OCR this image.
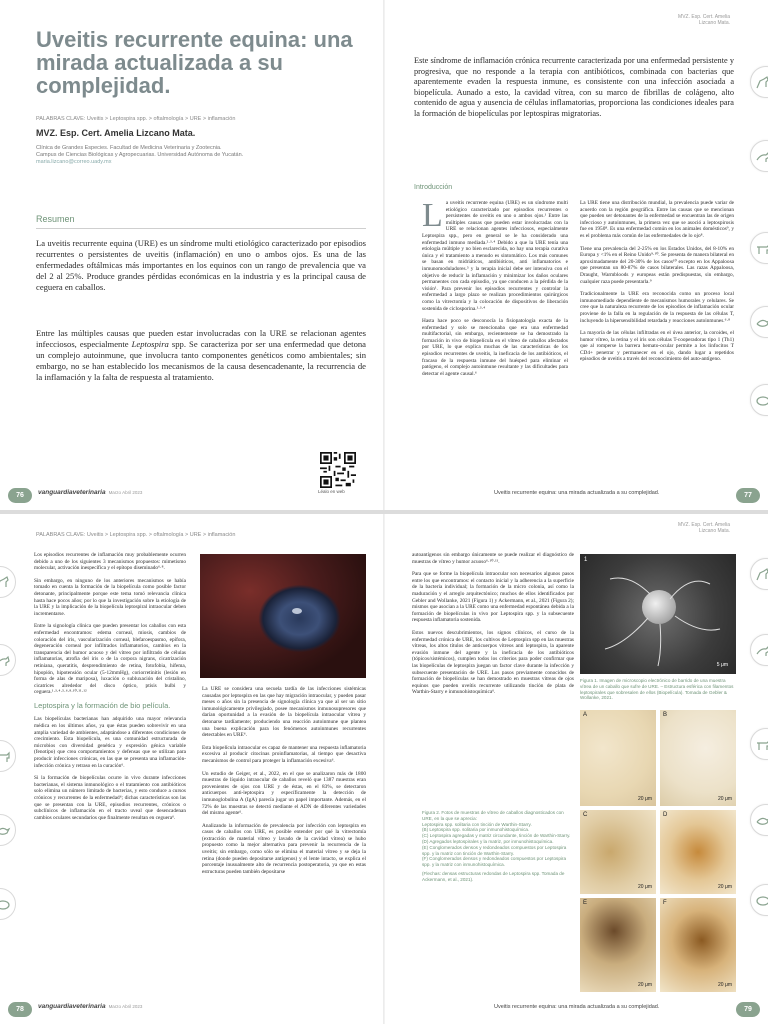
MVZ. Esp. Cert. Amelia
Lizcano Mata.
Uveitis recurrente equina: una mirada actualizada a su complejidad.
PALABRAS CLAVE: Uveitis > Leptospira spp. > oftalmología > URE > inflamación
MVZ. Esp. Cert. Amelia Lizcano Mata.
Clínica de Grandes Especies. Facultad de Medicina Veterinaria y Zootecnia.
Campus de Ciencias Biológicas y Agropecuarias. Universidad Autónoma de Yucatán.
maria.lizcano@correo.uady.mx
Resumen

La uveitis recurrente equina (URE) es un síndrome multi etiológico caracterizado por episodios recurrentes o persistentes de uveitis (inflamación) en uno o ambos ojos. Es una de las enfermedades oftálmicas más importantes en los equinos con un rango de prevalencia que va del 2 al 25%. Produce grandes pérdidas económicas en la industria y es la principal causa de ceguera en caballos.

Entre las múltiples causas que pueden estar involucradas con la URE se relacionan agentes infecciosos, especialmente Leptospira spp. Se caracteriza por ser una enfermedad que detona un complejo autoinmune, que involucra tanto componentes genéticos como ambientales; sin embargo, no se han establecido los mecanismos de la causa desencadenante, la recurrencia de la inflamación y la falta de respuesta al tratamiento.

Léalo en web

Este síndrome de inflamación crónica recurrente caracterizada por una enfermedad persistente y progresiva, que no responde a la terapia con antibióticos, combinada con bacterias que aparentemente evaden la respuesta inmune, es consistente con una infección asociada a biopelícula. Aunado a esto, la cavidad vítrea, con su marco de fibrillas de colágeno, alto contenido de agua y ausencia de células inflamatorias, proporciona las condiciones ideales para la formación de biopelículas por leptospiras migratorias.

Introducción

La uveitis recurrente equina (URE) es un síndrome multi etiológico caracterizado por episodios recurrentes o persistentes de uveitis en uno o ambos ojos.¹ Entre las múltiples causas que pueden estar involucradas con la URE se relacionan agentes infecciosos, especialmente Leptospira spp., pero en general se le ha considerado una enfermedad inmuno mediada.²·³·⁴ Debido a que la URE tenía una etiología múltiple y no bien esclarecida, no hay una terapia curativa única y el tratamiento a menudo es sintomático. Los más comunes se basan en midriáticos, antibióticos, anti inflamatorios e inmunomoduladores.⁵ y la terapia inicial debe ser intensiva con el objetivo de reducir la inflamación y minimizar los daños oculares permanentes con cada episodio, ya que conducen a la pérdida de la visión¹. Para prevenir los episodios recurrentes y controlar la enfermedad a largo plazo se realizan procedimientos quirúrgicos como la vitrectomía y la colocación de dispositivos de liberación sostenida de ciclosporina.¹·³·⁴

Hasta hace poco se desconocía la fisiopatología exacta de la enfermedad y solo se mencionaba que era una enfermedad multifactorial, sin embargo, recientemente se ha demostrado la formación in vivo de biopelícula en el vítreo de caballos afectados por URE, lo que explica muchas de las características de los episodios recurrentes de uveitis, la ineficacia de los antibióticos, el fracaso de la respuesta inmune del huésped para eliminar el patógeno, el complejo autoinmune resultante y las dificultades para detectar el agente causal.⁶

La URE tiene una distribución mundial, la prevalencia puede variar de acuerdo con la región geográfica. Entre las causas que se mencionan que pueden ser detonantes de la enfermedad se encuentran las de origen infeccioso y autoinmunes, la primera vez que se asoció a leptospirosis fue en 1950⁸. Es una enfermedad común en los animales domésticos⁹, y es el problema más común de las enfermedades de lo ojo⁸.

Tiene una prevalencia del 2-25% en los Estados Unidos, del 8-10% en Europa y <1% en el Reino Unido⁹·¹⁰. Se presenta de manera bilateral en aproximadamente del 20-30% de los casos¹⁰ excepto en los Appaloosa que presentan un 80-87% de casos bilaterales. Las razas Appaloosa, Draught, Warmbloods y europeas están predispuestas, sin embargo, cualquier raza puede presentarla.⁹

Tradicionalmente la URE era reconocida como un proceso local inmunomediado dependiente de mecanismos humorales y celulares. Se cree que la naturaleza recurrente de los episodios de inflamación ocular proviene de la falla en la regulación de la respuesta de las células T, incluyendo la hipersensibilidad retardada y reacciones autoinmunes.⁶·⁸

La mayoría de las células infiltradas en el úvea anterior, la coroides, el humor vítreo, la retina y el iris son células T-cooperadoras tipo 1 (Th1) que al romperse la barrera hemato-ocular permite a los linfocitos T CD4+ penetrar y permanecer en el ojo, dando lugar a repetidos episodios de uveitis a través del reconocimiento del auto-antígeno.

76	vanguardiaveterinaria Marzo Abril 2023	Uveitis recurrente equina: una mirada actualizada a su complejidad.	77
PALABRAS CLAVE: Uveitis > Leptospira spp. > oftalmología > URE > inflamación
MVZ. Esp. Cert. Amelia
Lizcano Mata.

Los episodios recurrentes de inflamación muy probablemente ocurren debido a uno de los siguientes 3 mecanismos propuestos: mimetismo molecular, activación inespecífica y el epítopo diseminado⁶·⁸.

Sin embargo, en ninguno de los anteriores mecanismos se había tomado en cuenta la formación de la biopelícula como posible factor detonante, principalmente porque este tema tomó relevancia clínica hasta hace pocos años; por lo que la investigación sobre la etiología de la URE y la implicación de la biopelícula leptospiral intraocular deben incrementarse.

Entre la signología clínica que pueden presentar los caballos con esta enfermedad encontramos: edema corneal, miosis, cambios de coloración del iris, vascularización corneal, blefaroespasmo, epífora, degeneración corneal por infiltrados inflamatorios, cambios en la transparencia del humor acuoso y del vítreo por infiltrado de células inflamatorias, atrofia del iris o de la corpora nigrans, cicatrización retiniana, queratitis, desprendimiento de retina, fotofobia, hifema, hipopión, hipotensión ocular (5-12mmHg), coriorretinitis (lesión en forma de alas de mariposa), luxación o subluxación del cristalino, cicatrices alrededor del disco óptico, ptisis bulbi y ceguera.¹·³·⁴·⁵·⁶·⁸·¹⁰·¹¹·¹²

Leptospira y la formación de bio película.

Las biopelículas bacterianas han adquirido una mayor relevancia médica en los últimos años, ya que éstas pueden sobrevivir en una amplia variedad de ambientes, adaptándose a diferentes condiciones de crecimiento. Esta biopelícula, es una comunidad estructurada de microbios con diversidad genética y expresión génica variable (fenotipo) que crea comportamientos y defensas que se utilizan para producir infecciones crónicas, en las que se presenta una inflamación-infección crónica y retraso en la curación⁶.

Si la formación de biopelículas ocurre in vivo durante infecciones bacterianas, el sistema inmunológico o el tratamiento con antibióticos solo elimina un número limitado de bacterias, y esto conduce a cursos crónicos y recurrentes de la enfermedad⁶; dichas características son las que se presentan con la URE, episodios recurrentes, crónicos o subclínicos de inflamación en el tracto uveal que desencadenan cambios oculares secundarios que finalmente resultan en ceguera⁶.

La URE se considera una secuela tardía de las infecciones sistémicas causadas por leptospira en las que hay migración intraocular, y pueden pasar meses o años sin la presencia de signología clínica ya que al ser un sitio inmunológicamente privilegiado, posee mecanismos inmunosupresores que darían oportunidad a la evasión de la biopelícula intraocular vítrea y detonarse tardíamente; produciendo una reacción autoinmune que plantea una buena explicación para los fenómenos autoinmunes recurrentes detectables en URE⁶.

Esta biopelícula intraocular es capaz de mantener una respuesta inflamatoria excesiva al producir citocinas proinflamatorias, al tiempo que desactiva mecanismos de control para proteger la inflamación excesiva⁶.

Un estudio de Geiger, et al., 2022, en el que se analizaron más de 1800 muestras de líquido intraocular de caballos reveló que 1387 muestras eran provenientes de ojos con URE y de éstas, en el 83%, se detectaron anticuerpos anti-leptospira y específicamente la detección de inmunoglobulina A (IgA) parecía jugar un papel importante. Además, en el 72% de las muestras se detectó mediante el ADN de diferentes variedades del mismo agente⁶.

Analizando la información de prevalencia por infección con leptospira en casos de caballos con URE, es posible entender por qué la vitrectomía (extracción de material vítreo y lavado de la cavidad vítrea) se hubo propuesto como la mejor alternativa para prevenir la recurrencia de la uveitis; sin embargo, como sólo se elimina el material vítreo y se deja la retina (donde pueden depositarse antígenos) y el lente intacto, se explica el porcentaje inusualmente alto de recurrencia postoperatoria, ya que en estas estructuras pueden también depositarse

autoantígenos sin embargo únicamente se puede realizar el diagnóstico de muestras de vítreo y humor acuoso⁶·¹⁰·¹¹.

Para que se forme la biopelícula intraocular son necesarios algunos pasos entre los que encontramos: el contacto inicial y la adherencia a la superficie de la bacteria individual; la formación de la micro colonia, así como la maduración y el arreglo arquitectónico; muchos de ellos identificados por Gebler and Wollanke, 2021 (Figura 1) y Ackermann, et al., 2021 (Figura 2); mismos que asocian a la URE como una enfermedad espontánea debida a la formación de biopelículas in vivo por Leptospira spp. y la subsecuente respuesta inflamatoria sostenida.

Estos nuevos descubrimientos, los signos clínicos, el curso de la enfermedad crónica de URE, los cultivos de Leptospira spp en las muestras vítreas, los altos títulos de anticuerpos vítreos anti leptospira, la aparente evasión inmune del agente y la ineficacia de los antibióticos (tópicos/sistémicos), cumplen todos los criterios para poder confirmar que las biopelículas de leptospira juegan un factor clave durante la infección y subsecuente presentación de URE. Los pasos previamente conocidos de formación de biopelículas se han demostrado en muestras vítreas de ojos equinos que pueden uveítis recurrente utilizando tinción de plata de Warthin-Starry e inmunohistoquímica⁶.

1
5 μm
Figura 1. Imagen de microscopio electrónico de barrido de una muestra vítrea de un caballo que sufre de URE. – Estructura esférica con filamentos leptospirales que sobresalen de ellos (Biopelícula). Tomada de Gebler & Wollanke, 2021.
Figura 2. Fotos de muestras de vítreo de caballos diagnosticados con URE, en la que se aprecia:
Leptospira spp. solitaria con tinción de Warthin-Starry.
(B) Leptospira spp. solitaria por inmunohistoquímica.
(C) Leptospira agregadas y matriz circundante, tinción de Warthin-Starry.
(D) Agregados leptospirales y la matriz, por inmunohistoquímica.
(E) Conglomerados densos y redondeados compuestos por Leptospira spp. y la matriz con tinción de Warthin-Starry.
(F) Conglomerados densos y redondeados compuestos por Leptospira spp. y la matriz con inmunohistoquímica.
(Flechas: densas estructuras redondas de Leptospira spp. Tomada de Ackermann, et al., 2021).
A
20 μm
B
20 μm
C
20 μm
D
20 μm
E
20 μm
F
20 μm
78	vanguardiaveterinaria Marzo Abril 2023	Uveitis recurrente equina: una mirada actualizada a su complejidad.	79
